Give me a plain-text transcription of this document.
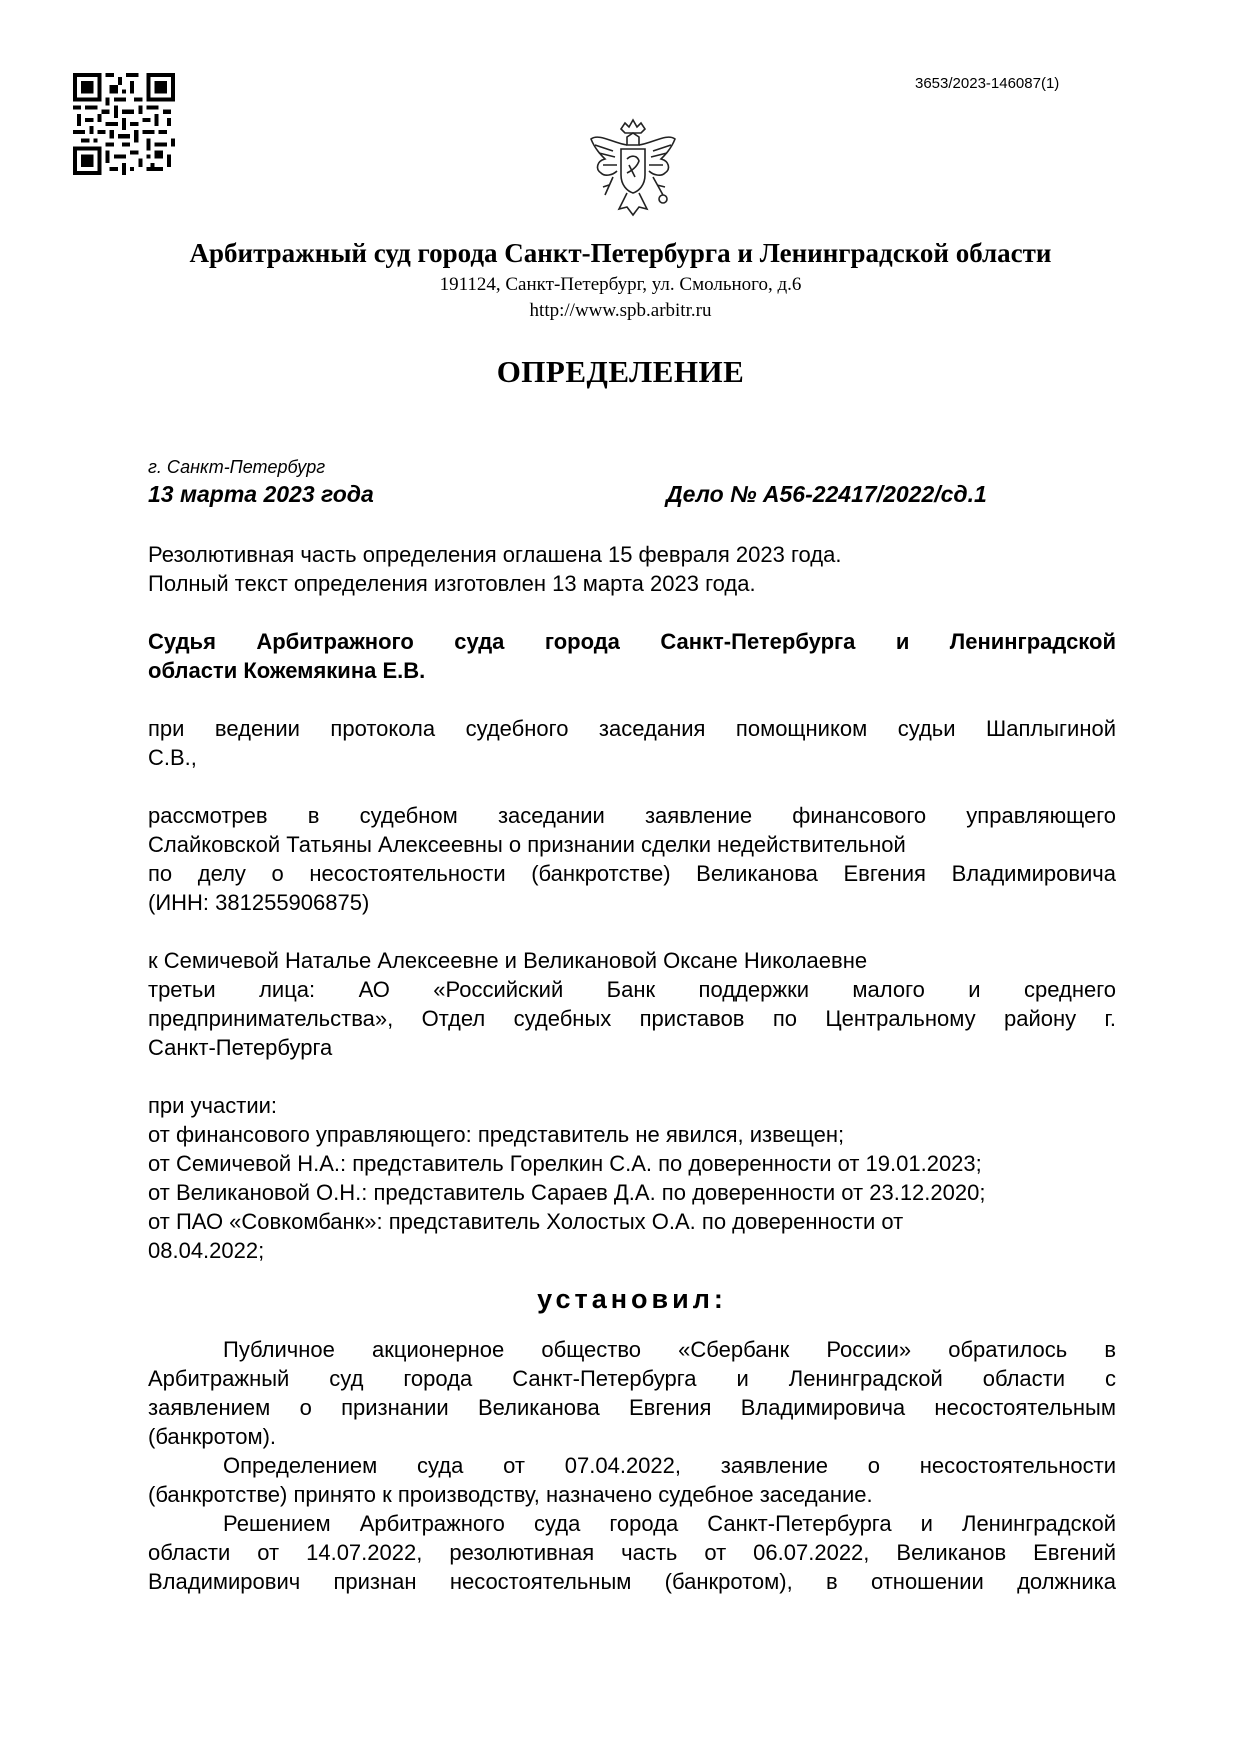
3653/2023-146087(1)
Арбитражный суд города Санкт-Петербурга и Ленинградской области
191124, Санкт-Петербург, ул. Смольного, д.6
http://www.spb.arbitr.ru
ОПРЕДЕЛЕНИЕ
г. Санкт-Петербург
13 марта 2023 года	Дело № А56-22417/2022/сд.1

Резолютивная часть определения оглашена 15 февраля 2023 года.

Полный текст определения изготовлен 13 марта 2023 года.

Судья Арбитражного суда города Санкт-Петербурга и Ленинградской

области Кожемякина Е.В.

при ведении протокола судебного заседания помощником судьи Шаплыгиной

С.В.,

рассмотрев в судебном заседании заявление финансового управляющего

Слайковской Татьяны Алексеевны о признании сделки недействительной

по делу о несостоятельности (банкротстве) Великанова Евгения Владимировича

(ИНН: 381255906875)

к Семичевой Наталье Алексеевне и Великановой Оксане Николаевне

третьи лица: АО «Российский Банк поддержки малого и среднего

предпринимательства», Отдел судебных приставов по Центральному району г.

Санкт-Петербурга

при участии:

от финансового управляющего: представитель не явился, извещен;

от Семичевой Н.А.: представитель Горелкин С.А. по доверенности от 19.01.2023;

от Великановой О.Н.: представитель Сараев Д.А. по доверенности от 23.12.2020;

от ПАО «Совкомбанк»: представитель Холостых О.А. по доверенности от

08.04.2022;

установил:

Публичное акционерное общество «Сбербанк России» обратилось в

Арбитражный суд города Санкт-Петербурга и Ленинградской области с

заявлением о признании Великанова Евгения Владимировича несостоятельным

(банкротом).

Определением суда от 07.04.2022, заявление о несостоятельности

(банкротстве) принято к производству, назначено судебное заседание.

Решением Арбитражного суда города Санкт-Петербурга и Ленинградской

области от 14.07.2022, резолютивная часть от 06.07.2022, Великанов Евгений

Владимирович признан несостоятельным (банкротом), в отношении должника
